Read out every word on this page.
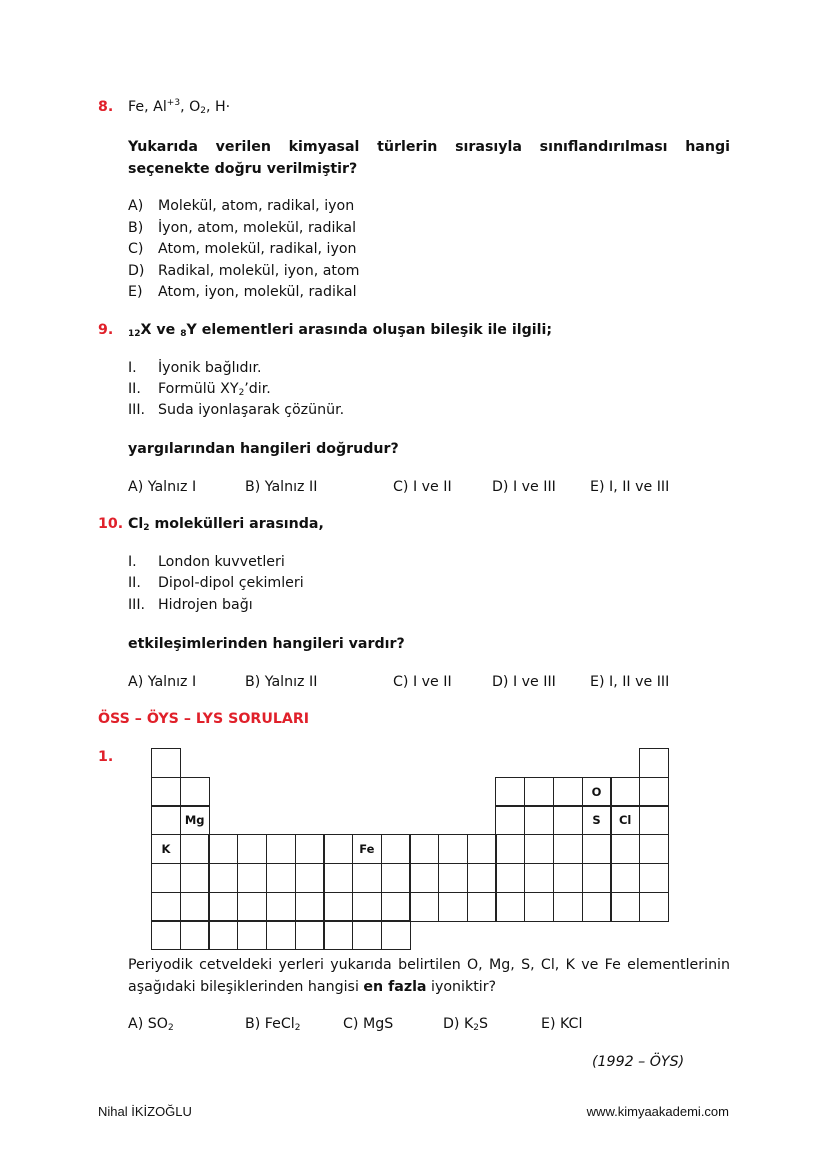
8. Fe, $Al^{+3}$, $O_2$, H·
Yukarıda verilen kimyasal türlerin sırasıyla sınıflandırılması hangi seçenekte doğru verilmiştir?
A) Molekül, atom, radikal, iyon
B) İyon, atom, molekül, radikal
C) Atom, molekül, radikal, iyon
D) Radikal, molekül, iyon, atom
E) Atom, iyon, molekül, radikal
9. $_{12}$X ve $_8$Y elementleri arasında oluşan bileşik ile ilgili;
I. İyonik bağlıdır.
II. Formülü $XY_2’dir$.
III. Suda iyonlaşarak çözünür.
yargılarından hangileri doğrudur?
A) Yalnız I	B) Yalnız II	C) I ve II	D) I ve III E) I, II ve III
10. $Cl_2$ molekülleri arasında,
I. London kuvvetleri
II. Dipol-dipol çekimleri
III. Hidrojen bağı
etkileşimlerinden hangileri vardır?
A) Yalnız I	B) Yalnız II	C) I ve II	D) I ve III E) I, II ve III
ÖSS – ÖYS – LYS SORULARI
1.
O
Mg	S	Cl
K	Fe
Periyodik cetveldeki yerleri yukarıda belirtilen O, Mg, S, Cl, K ve Fe elementlerinin aşağıdaki bileşiklerinden hangisi en fazla iyoniktir?
A) $SO_2$	B) FeCl$_2$	C) MgS	D) $K_2S$	E) KCl
(1992 – ÖYS)
Nihal İKİZOĞLU	www.kimyaakademi.com
